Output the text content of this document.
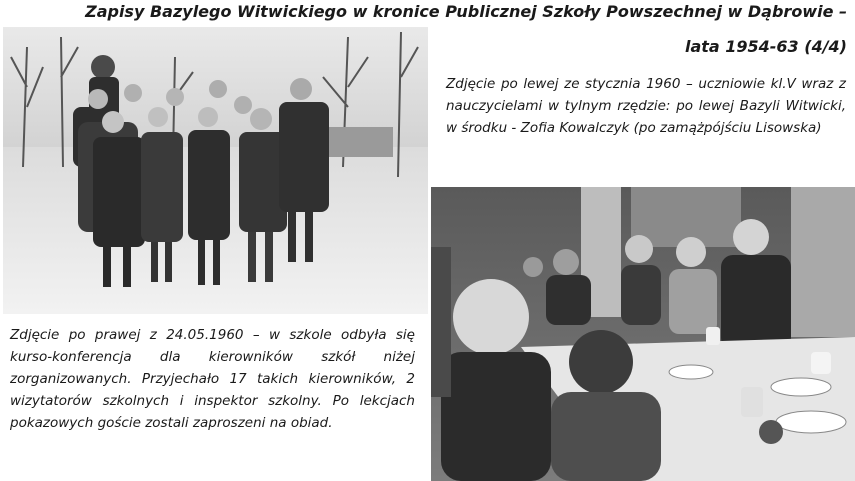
Zapisy Bazylego Witwickiego w kronice Publicznej Szkoły Powszechnej w Dąbrowie –
lata 1954-63 (4/4)
Zdjęcie po lewej ze stycznia 1960 – uczniowie kl.V wraz z nauczycielami w tylnym rzędzie: po lewej Bazyli Witwicki, w środku - Zofia Kowalczyk (po zamążpójściu Lisowska)
Zdjęcie po prawej z 24.05.1960 – w szkole odbyła się kurso-konferencja dla kierowników szkół niżej zorganizowanych. Przyjechało 17 takich kierowników, 2 wizytatorów szkolnych i inspektor szkolny. Po lekcjach pokazowych goście zostali zaproszeni na obiad.
